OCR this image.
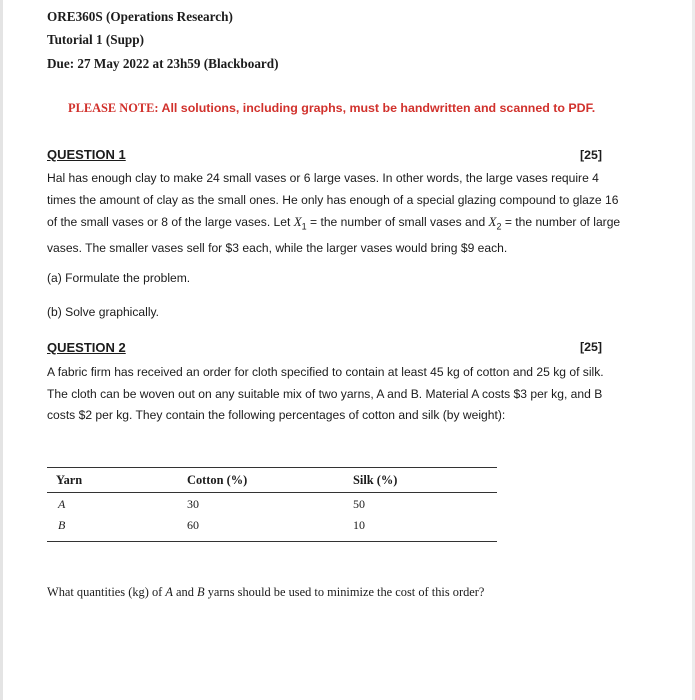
ORE360S (Operations Research)
Tutorial 1 (Supp)
Due: 27 May 2022 at 23h59 (Blackboard)
PLEASE NOTE: All solutions, including graphs, must be handwritten and scanned to PDF.
QUESTION 1	[25]
Hal has enough clay to make 24 small vases or 6 large vases. In other words, the large vases require 4
times the amount of clay as the small ones. He only has enough of a special glazing compound to glaze 16
of the small vases or 8 of the large vases. Let $X_1$ = the number of small vases and $X_2$ = the number of large
vases. The smaller vases sell for $3 each, while the larger vases would bring $9 each.
(a) Formulate the problem.
(b) Solve graphically.
QUESTION 2	[25]
A fabric firm has received an order for cloth specified to contain at least 45 kg of cotton and 25 kg of silk.
The cloth can be woven out on any suitable mix of two yarns, A and B. Material A costs $3 per kg, and B
costs $2 per kg. They contain the following percentages of cotton and silk (by weight):
Yarn	Cotton (%)	Silk (%)
A	30	50
B	60	10
What quantities (kg) of A and B yarns should be used to minimize the cost of this order?
